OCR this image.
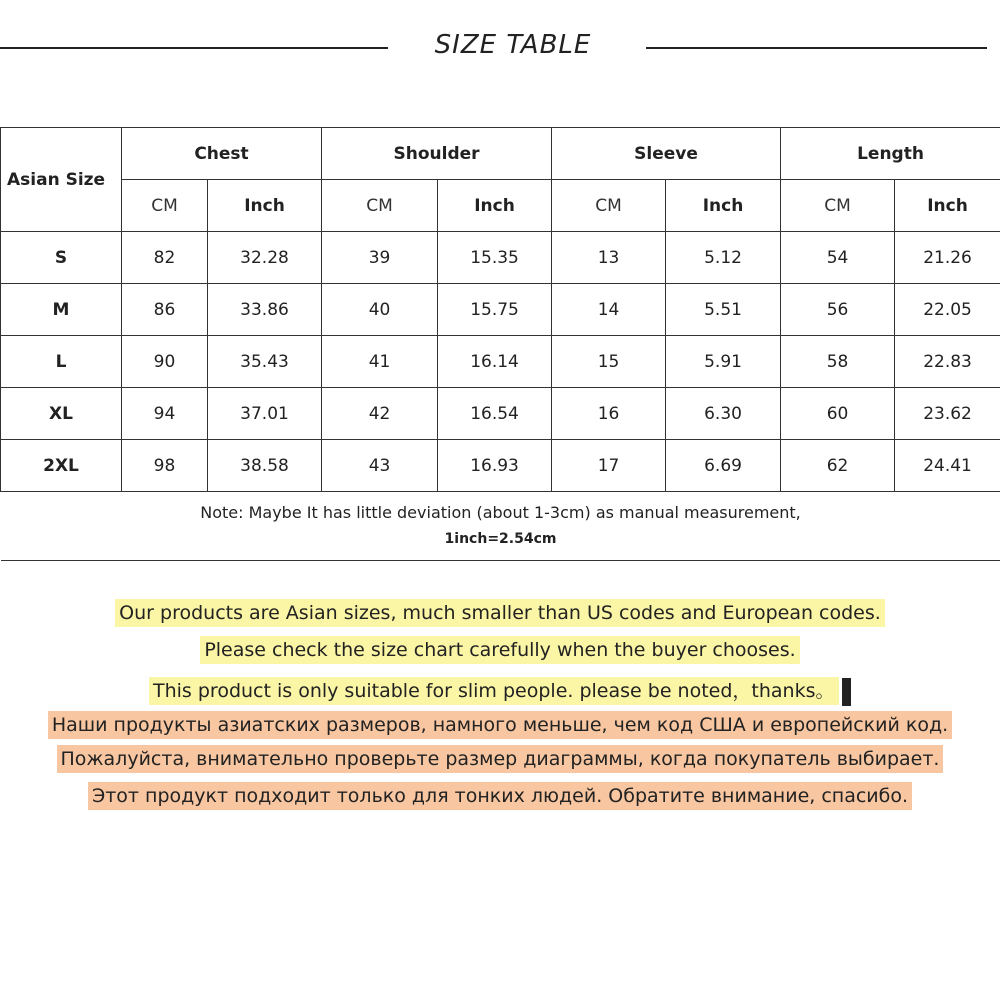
SIZE TABLE
Asian Size	Chest		Shoulder		Sleeve		Length	
	CM	Inch	CM	Inch	CM	Inch	CM	Inch
S	82	32.28	39	15.35	13	5.12	54	21.26
M	86	33.86	40	15.75	14	5.51	56	22.05
L	90	35.43	41	16.14	15	5.91	58	22.83
XL	94	37.01	42	16.54	16	6.30	60	23.62
2XL	98	38.58	43	16.93	17	6.69	62	24.41

Note: Maybe It has little deviation (about 1-3cm) as manual measurement,
1inch=2.54cm								
Our products are Asian sizes, much smaller than US codes and European codes.
Please check the size chart carefully when the buyer chooses.
This product is only suitable for slim people. please be noted，thanks。
Наши продукты азиатских размеров, намного меньше, чем код США и европейский код.
Пожалуйста, внимательно проверьте размер диаграммы, когда покупатель выбирает.
Этот продукт подходит только для тонких людей. Обратите внимание, спасибо.
